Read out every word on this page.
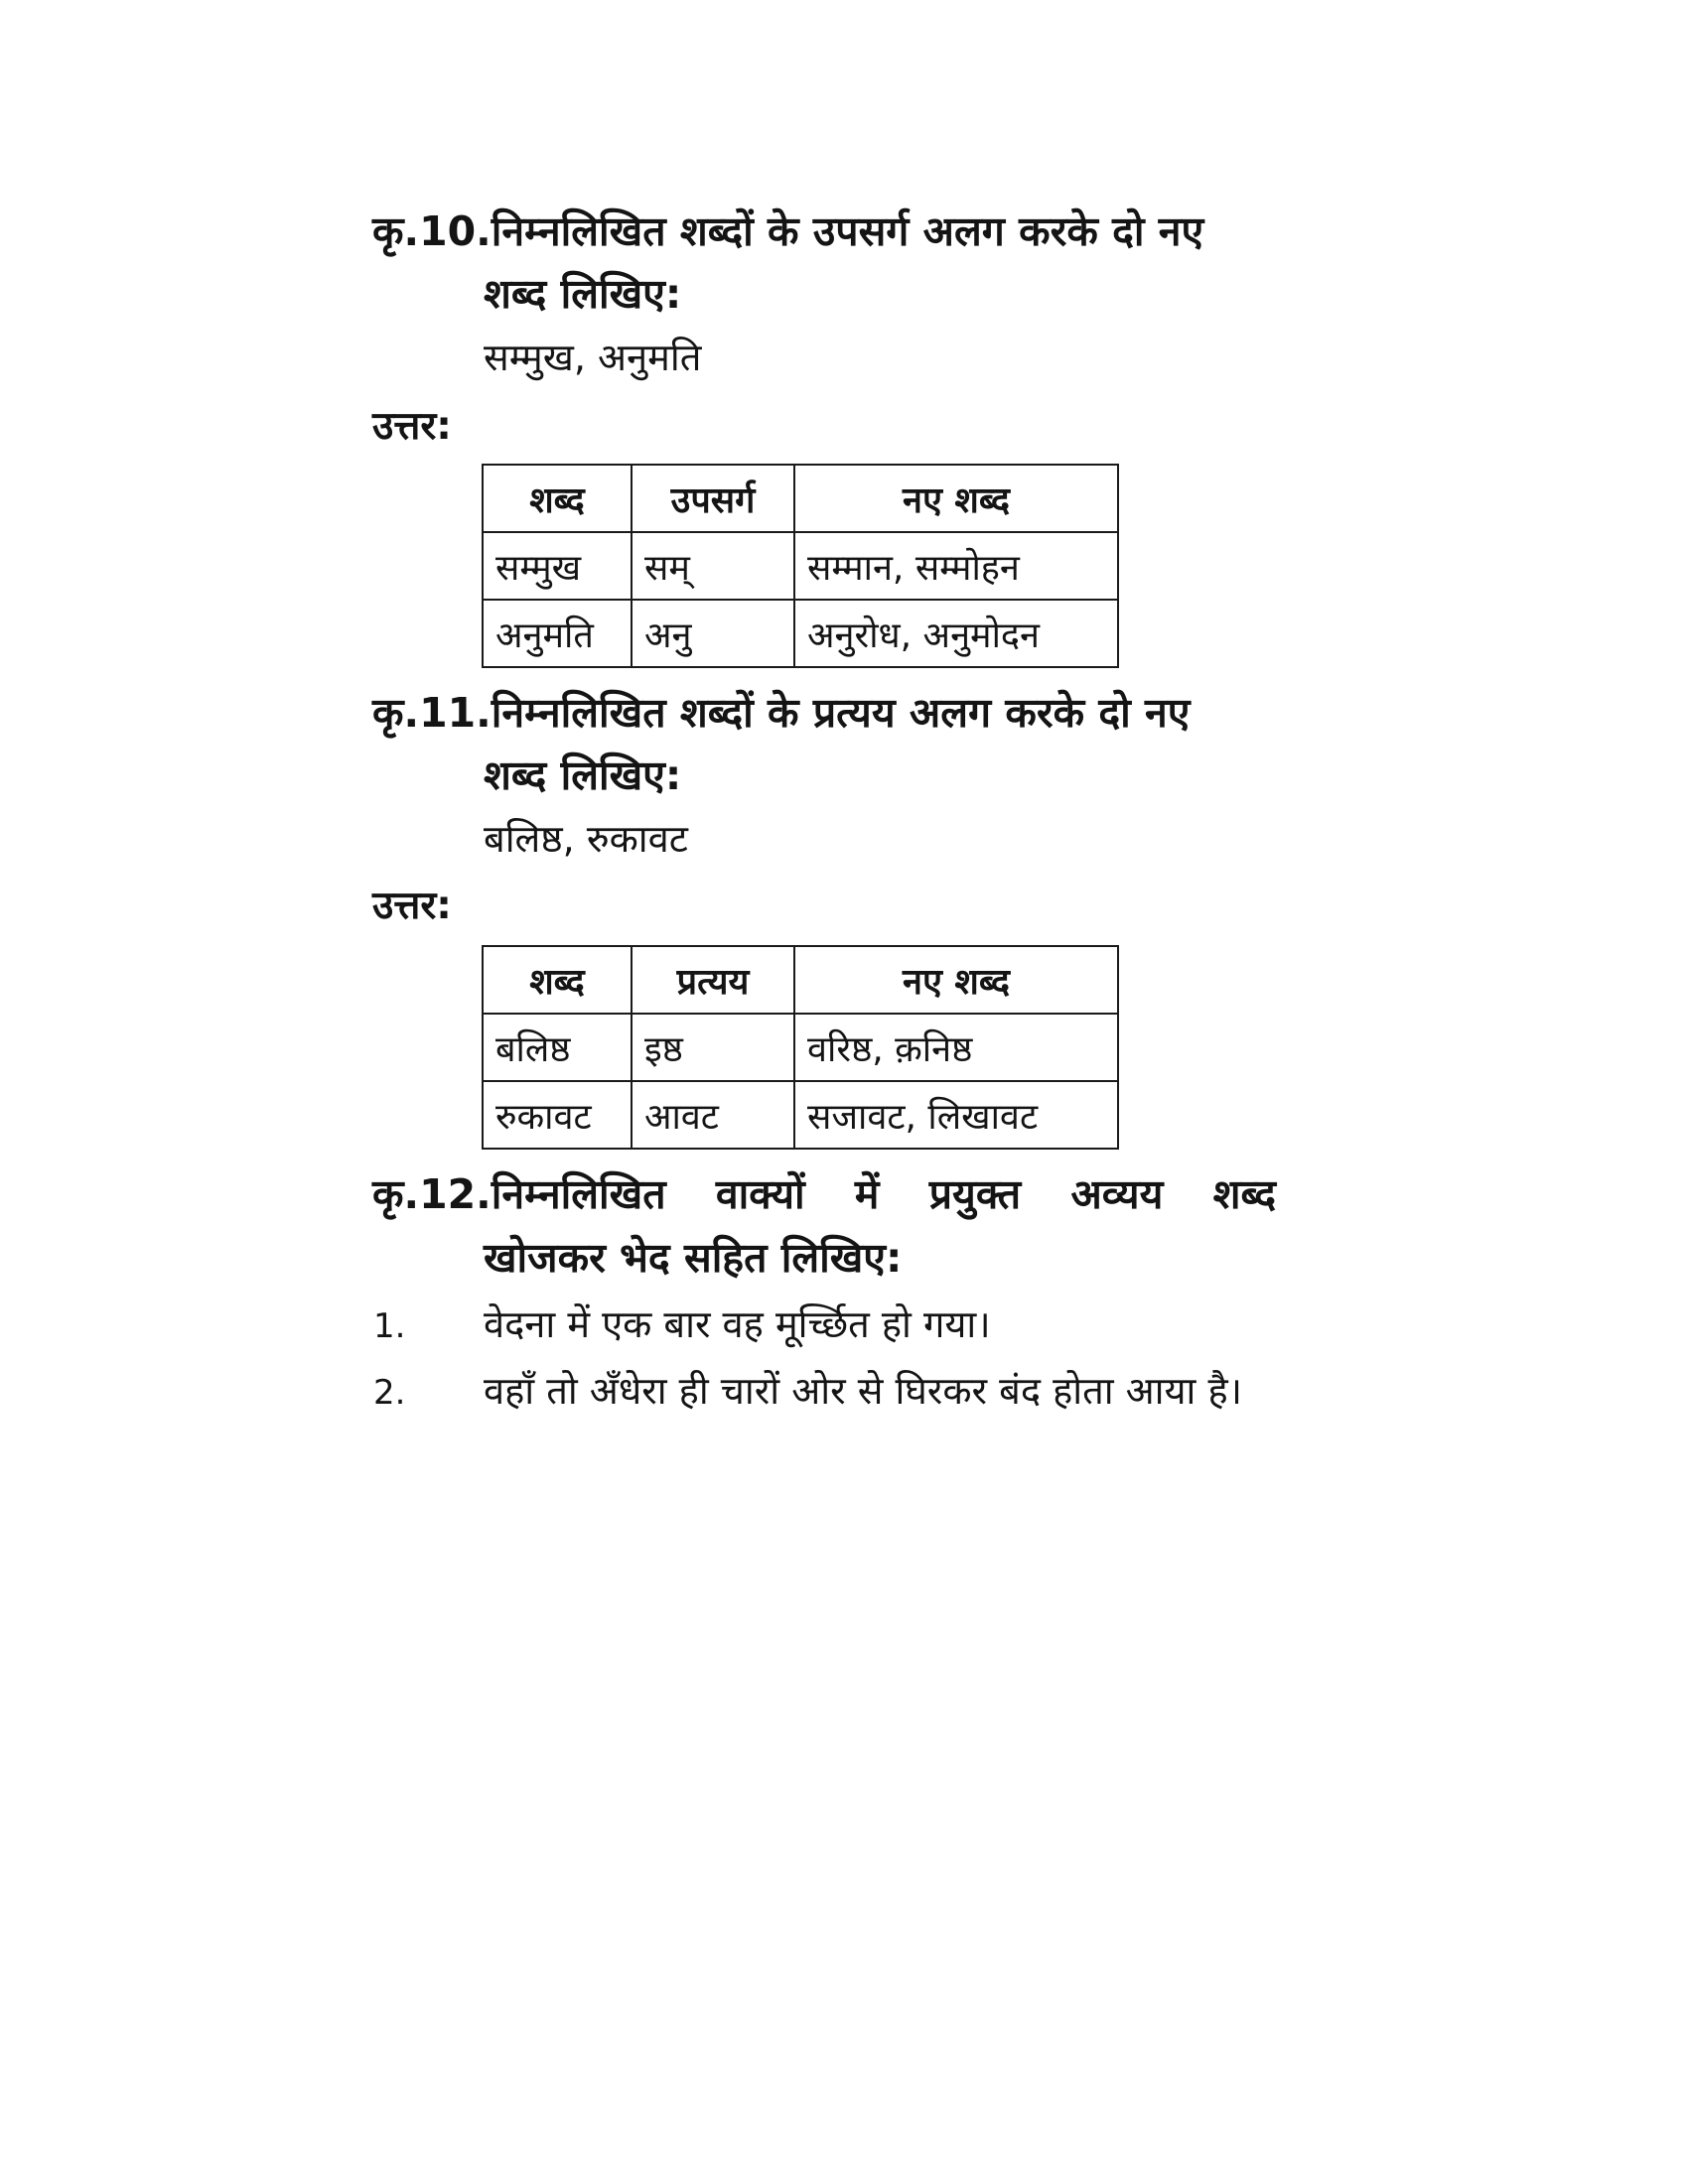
कृ.10.निम्नलिखित शब्दों के उपसर्ग अलग करके दो नए
शब्द लिखिए:
सम्मुख, अनुमति
उत्तर:
शब्द	उपसर्ग	नए शब्द
सम्मुख	सम्	सम्मान, सम्मोहन
अनुमति	अनु	अनुरोध, अनुमोदन
कृ.11.निम्नलिखित शब्दों के प्रत्यय अलग करके दो नए
शब्द लिखिए:
बलिष्ठ, रुकावट
उत्तर:
शब्द	प्रत्यय	नए शब्द
बलिष्ठ	इष्ठ	वरिष्ठ, क़निष्ठ
रुकावट	आवट	सजावट, लिखावट
कृ.12.निम्नलिखित वाक्यों में प्रयुक्त अव्यय शब्द
खोजकर भेद सहित लिखिए:
1. वेदना में एक बार वह मूर्च्छित हो गया।
2. वहाँ तो अँधेरा ही चारों ओर से घिरकर बंद होता आया है।
